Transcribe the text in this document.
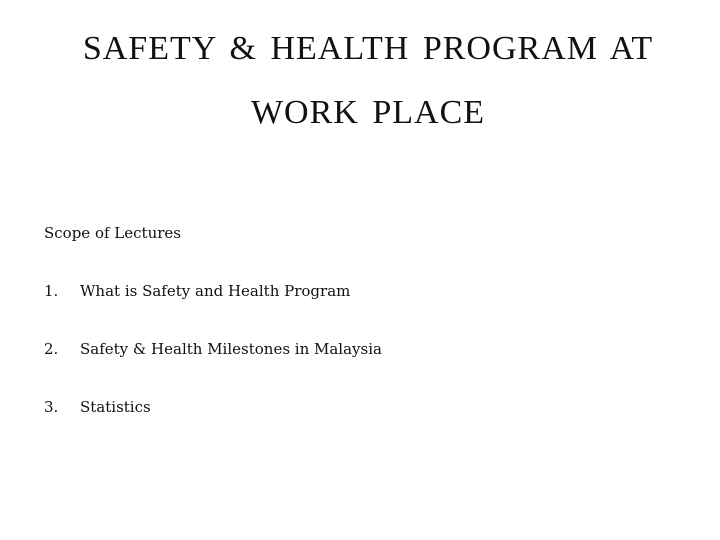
SAFETY & HEALTH PROGRAM AT
WORK PLACE
Scope of Lectures
1. What is Safety and Health Program
2. Safety & Health Milestones in Malaysia
3. Statistics
